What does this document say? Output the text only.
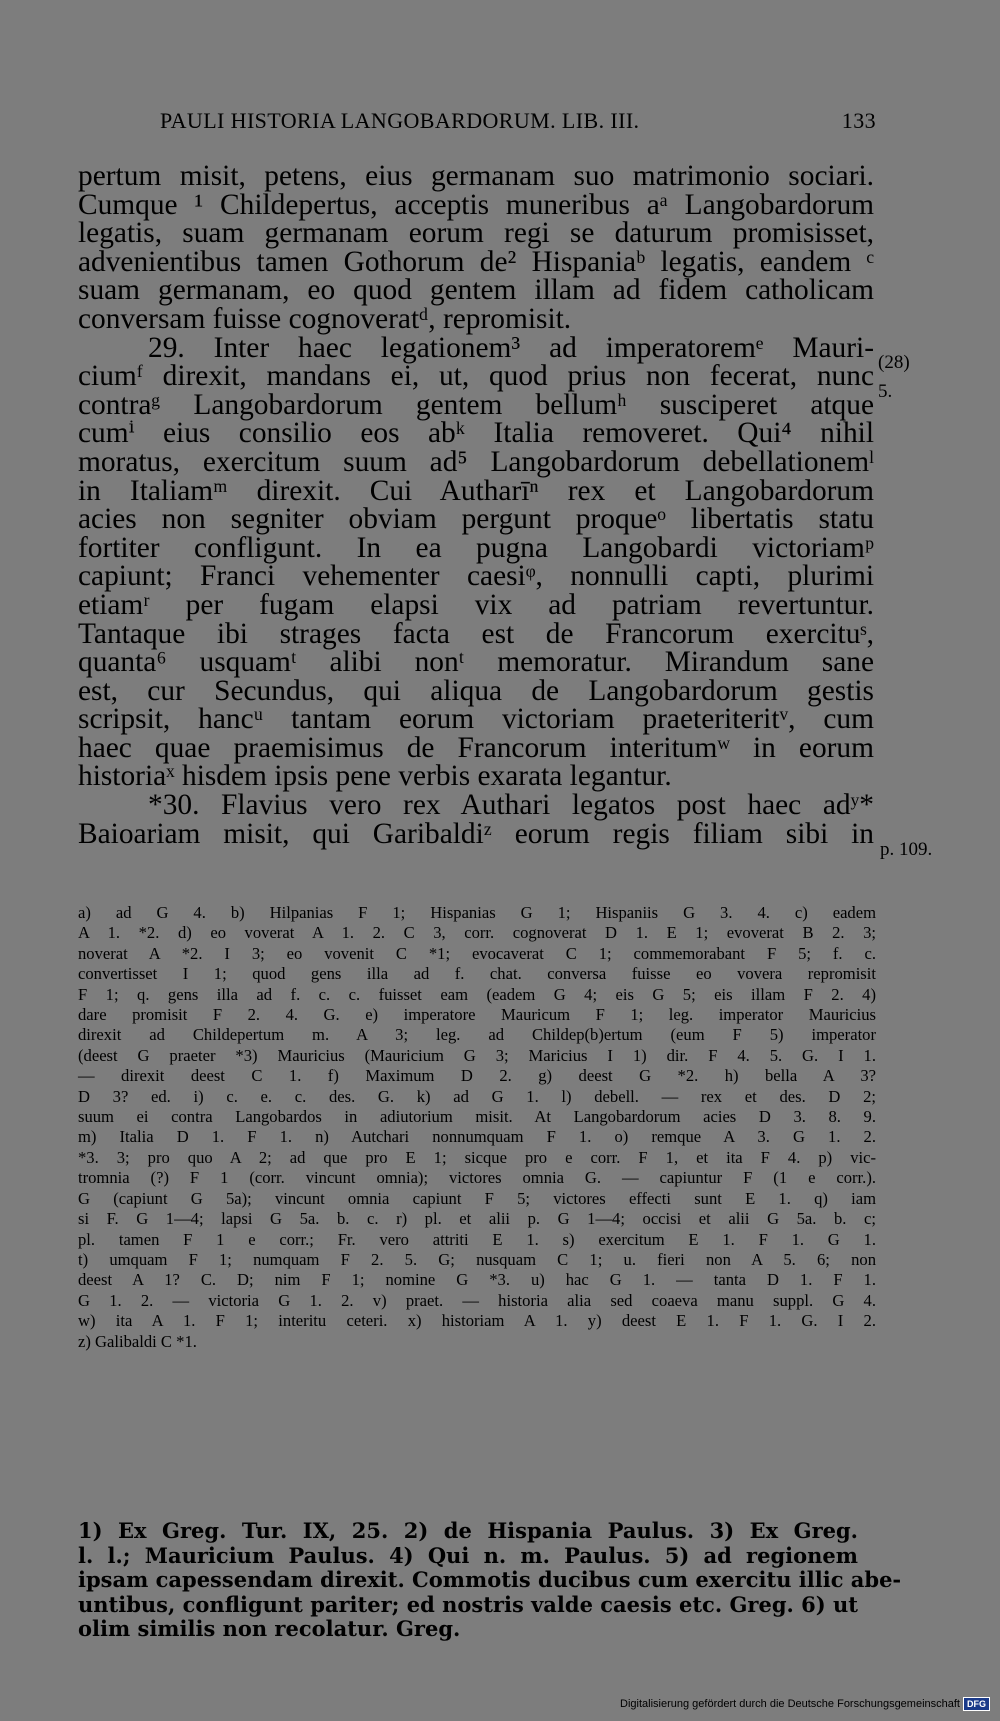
PAULI HISTORIA LANGOBARDORUM. LIB. III.	133
pertum misit, petens, eius germanam suo matrimonio sociari.
Cumque ¹ Childepertus, acceptis muneribus aᵃ Langobardorum
legatis, suam germanam eorum regi se daturum promisisset,
advenientibus tamen Gothorum de² Hispaniaᵇ legatis, eandem ᶜ
suam germanam, eo quod gentem illam ad fidem catholicam
conversam fuisse cognoveratᵈ, repromisit.
29. Inter haec legationem³ ad imperatoremᵉ Mauri-
ciumᶠ direxit, mandans ei, ut, quod prius non fecerat, nunc
contraᵍ Langobardorum gentem bellumʰ susciperet atque
cumⁱ eius consilio eos abᵏ Italia removeret. Qui⁴ nihil
moratus, exercitum suum ad⁵ Langobardorum debellationemˡ
in Italiamᵐ direxit. Cui Autharīⁿ rex et Langobardorum
acies non segniter obviam pergunt proqueᵒ libertatis statu
fortiter confligunt. In ea pugna Langobardi victoriamᵖ
capiunt; Franci vehementer caesiᵠ, nonnulli capti, plurimi
etiamʳ per fugam elapsi vix ad patriam revertuntur.
Tantaque ibi strages facta est de Francorum exercituˢ,
quanta⁶ usquamᵗ alibi nonᵗ memoratur. Mirandum sane
est, cur Secundus, qui aliqua de Langobardorum gestis
scripsit, hancᵘ tantam eorum victoriam praeteriteritᵛ, cum
haec quae praemisimus de Francorum interitumʷ in eorum
historiaˣ hisdem ipsis pene verbis exarata legantur.
*30. Flavius vero rex Authari legatos post haec adʸ*
Baioariam misit, qui Garibaldiᶻ eorum regis filiam sibi in
(28)
5.
p. 109.
a) ad G 4. b) Hilpanias F 1; Hispanias G 1; Hispaniis G 3. 4. c) eadem
A 1. *2. d) eo voverat A 1. 2. C 3, corr. cognoverat D 1. E 1; evoverat B 2. 3;
noverat A *2. I 3; eo vovenit C *1; evocaverat C 1; commemorabant F 5; f. c.
convertisset I 1; quod gens illa ad f. chat. conversa fuisse eo vovera repromisit
F 1; q. gens illa ad f. c. c. fuisset eam (eadem G 4; eis G 5; eis illam F 2. 4)
dare promisit F 2. 4. G. e) imperatore Mauricum F 1; leg. imperator Mauricius
direxit ad Childepertum m. A 3; leg. ad Childep(b)ertum (eum F 5) imperator
(deest G praeter *3) Mauricius (Mauricium G 3; Maricius I 1) dir. F 4. 5. G. I 1.
— direxit deest C 1. f) Maximum D 2. g) deest G *2. h) bella A 3?
D 3? ed. i) c. e. c. des. G. k) ad G 1. l) debell. — rex et des. D 2;
suum ei contra Langobardos in adiutorium misit. At Langobardorum acies D 3. 8. 9.
m) Italia D 1. F 1. n) Autchari nonnumquam F 1. o) remque A 3. G 1. 2.
*3. 3; pro quo A 2; ad que pro E 1; sicque pro e corr. F 1, et ita F 4. p) vic-
tromnia (?) F 1 (corr. vincunt omnia); victores omnia G. — capiuntur F (1 e corr.).
G (capiunt G 5a); vincunt omnia capiunt F 5; victores effecti sunt E 1. q) iam
si F. G 1—4; lapsi G 5a. b. c. r) pl. et alii p. G 1—4; occisi et alii G 5a. b. c;
pl. tamen F 1 e corr.; Fr. vero attriti E 1. s) exercitum E 1. F 1. G 1.
t) umquam F 1; numquam F 2. 5. G; nusquam C 1; u. fieri non A 5. 6; non
deest A 1? C. D; nim F 1; nomine G *3. u) hac G 1. — tanta D 1. F 1.
G 1. 2. — victoria G 1. 2. v) praet. — historia alia sed coaeva manu suppl. G 4.
w) ita A 1. F 1; interitu ceteri. x) historiam A 1. y) deest E 1. F 1. G. I 2.
z) Galibaldi C *1.
1) Ex Greg. Tur. IX, 25. 2) de Hispania Paulus. 3) Ex Greg.
l. l.; Mauricium Paulus. 4) Qui n. m. Paulus. 5) ad regionem
ipsam capessendam direxit. Commotis ducibus cum exercitu illic abe-
untibus, confligunt pariter; ed nostris valde caesis etc. Greg. 6) ut
olim similis non recolatur. Greg.
Digitalisierung gefördert durch die Deutsche Forschungsgemeinschaft DFG
